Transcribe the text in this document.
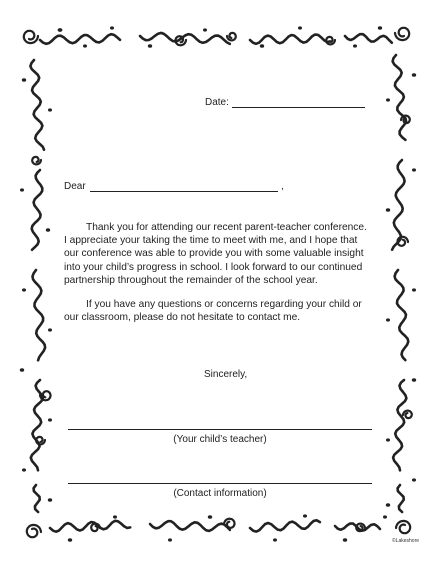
Date:
Dear	,
Thank you for attending our recent parent-teacher conference.
I appreciate your taking the time to meet with me, and I hope that
our conference was able to provide you with some valuable insight
into your child’s progress in school. I look forward to our continued
partnership throughout the remainder of the school year.
If you have any questions or concerns regarding your child or
our classroom, please do not hesitate to contact me.
Sincerely,
(Your child’s teacher)
(Contact information)
©Lakeshore
